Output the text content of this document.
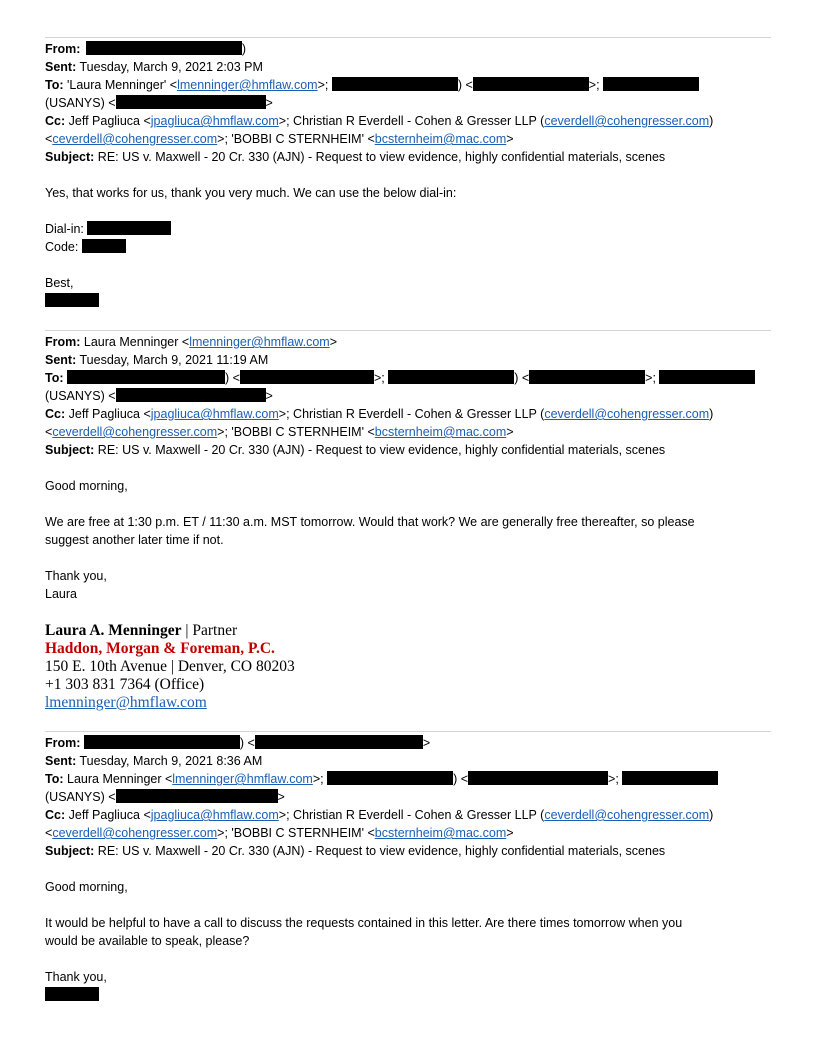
From:	)
Sent: Tuesday, March 9, 2021 2:03 PM
To: 'Laura Menninger' <lmenninger@hmflaw.com>;	) <	>;
(USANYS) <	>
Cc: Jeff Pagliuca <jpagliuca@hmflaw.com>; Christian R Everdell - Cohen & Gresser LLP (ceverdell@cohengresser.com)
<ceverdell@cohengresser.com>; 'BOBBI C STERNHEIM' <bcsternheim@mac.com>
Subject: RE: US v. Maxwell - 20 Cr. 330 (AJN) - Request to view evidence, highly confidential materials, scenes
Yes, that works for us, thank you very much. We can use the below dial-in:
Dial-in:
Code:
Best,
From: Laura Menninger <lmenninger@hmflaw.com>
Sent: Tuesday, March 9, 2021 11:19 AM
To:	) <	>;	) <	>;
(USANYS) <	>
Cc: Jeff Pagliuca <jpagliuca@hmflaw.com>; Christian R Everdell - Cohen & Gresser LLP (ceverdell@cohengresser.com)
<ceverdell@cohengresser.com>; 'BOBBI C STERNHEIM' <bcsternheim@mac.com>
Subject: RE: US v. Maxwell - 20 Cr. 330 (AJN) - Request to view evidence, highly confidential materials, scenes
Good morning,
We are free at 1:30 p.m. ET / 11:30 a.m. MST tomorrow. Would that work? We are generally free thereafter, so please
suggest another later time if not.
Thank you,
Laura
Laura A. Menninger | Partner
Haddon, Morgan & Foreman, P.C.
150 E. 10th Avenue | Denver, CO 80203
+1 303 831 7364 (Office)
lmenninger@hmflaw.com
From:	) <	>
Sent: Tuesday, March 9, 2021 8:36 AM
To: Laura Menninger <lmenninger@hmflaw.com>;	) <	>;
(USANYS) <	>
Cc: Jeff Pagliuca <jpagliuca@hmflaw.com>; Christian R Everdell - Cohen & Gresser LLP (ceverdell@cohengresser.com)
<ceverdell@cohengresser.com>; 'BOBBI C STERNHEIM' <bcsternheim@mac.com>
Subject: RE: US v. Maxwell - 20 Cr. 330 (AJN) - Request to view evidence, highly confidential materials, scenes
Good morning,
It would be helpful to have a call to discuss the requests contained in this letter. Are there times tomorrow when you
would be available to speak, please?
Thank you,
